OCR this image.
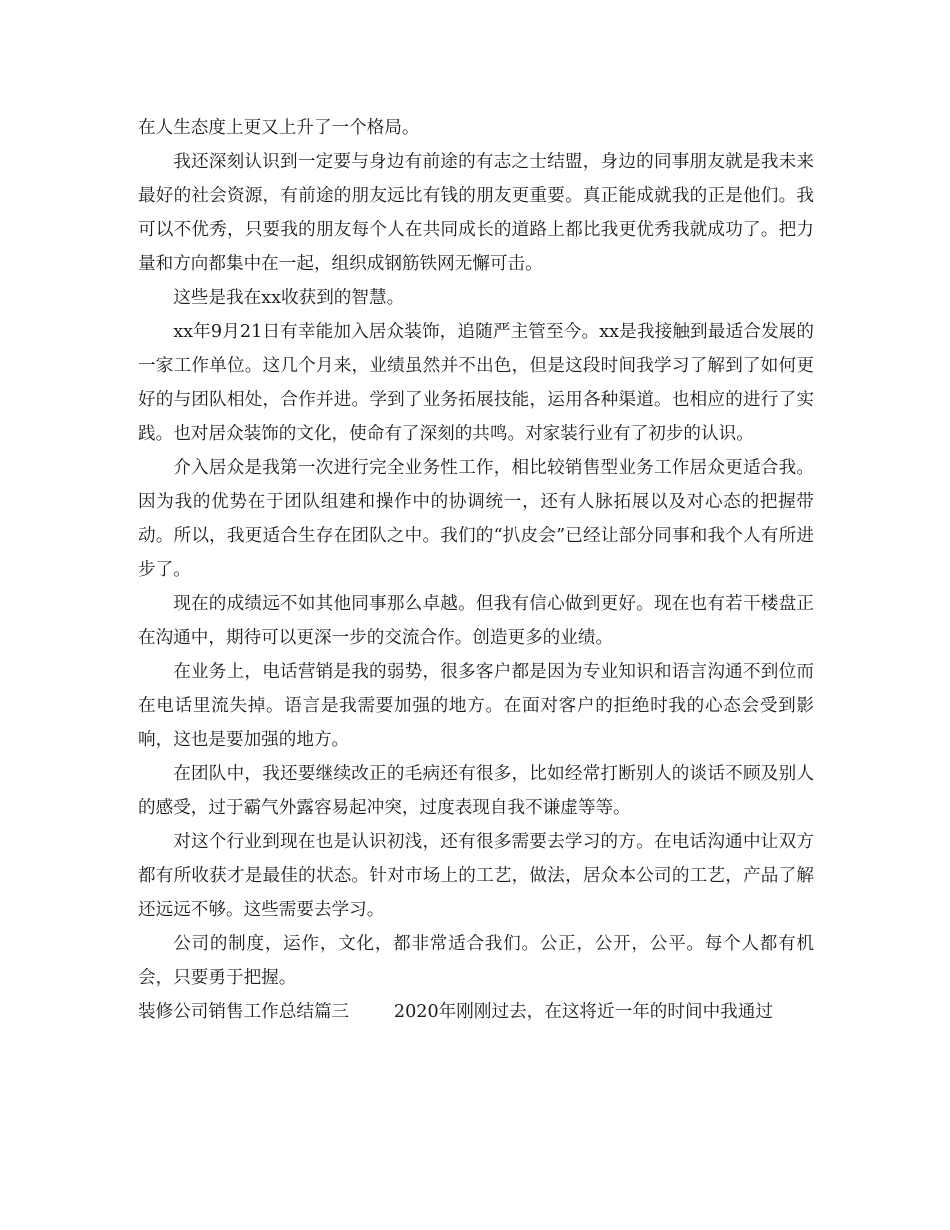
在人生态度上更又上升了一个格局。

我还深刻认识到一定要与身边有前途的有志之士结盟，身边的同事朋友就是我未来最好的社会资源，有前途的朋友远比有钱的朋友更重要。真正能成就我的正是他们。我可以不优秀，只要我的朋友每个人在共同成长的道路上都比我更优秀我就成功了。把力量和方向都集中在一起，组织成钢筋铁网无懈可击。

这些是我在xx收获到的智慧。

xx年9月21日有幸能加入居众装饰，追随严主管至今。xx是我接触到最适合发展的一家工作单位。这几个月来，业绩虽然并不出色，但是这段时间我学习了解到了如何更好的与团队相处，合作并进。学到了业务拓展技能，运用各种渠道。也相应的进行了实践。也对居众装饰的文化，使命有了深刻的共鸣。对家装行业有了初步的认识。

介入居众是我第一次进行完全业务性工作，相比较销售型业务工作居众更适合我。因为我的优势在于团队组建和操作中的协调统一，还有人脉拓展以及对心态的把握带动。所以，我更适合生存在团队之中。我们的“扒皮会”已经让部分同事和我个人有所进步了。

现在的成绩远不如其他同事那么卓越。但我有信心做到更好。现在也有若干楼盘正在沟通中，期待可以更深一步的交流合作。创造更多的业绩。

在业务上，电话营销是我的弱势，很多客户都是因为专业知识和语言沟通不到位而在电话里流失掉。语言是我需要加强的地方。在面对客户的拒绝时我的心态会受到影响，这也是要加强的地方。

在团队中，我还要继续改正的毛病还有很多，比如经常打断别人的谈话不顾及别人的感受，过于霸气外露容易起冲突，过度表现自我不谦虚等等。

对这个行业到现在也是认识初浅，还有很多需要去学习的方。在电话沟通中让双方都有所收获才是最佳的状态。针对市场上的工艺，做法，居众本公司的工艺，产品了解还远远不够。这些需要去学习。

公司的制度，运作，文化，都非常适合我们。公正，公开，公平。每个人都有机会，只要勇于把握。

装修公司销售工作总结篇三	2020年刚刚过去，在这将近一年的时间中我通过
